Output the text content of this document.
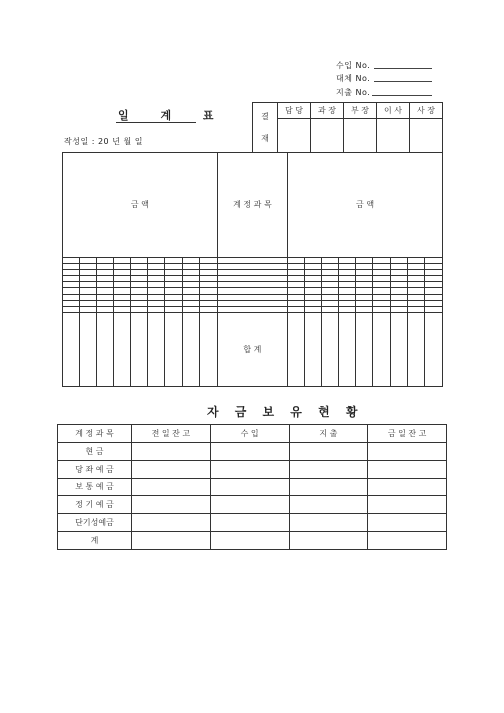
수입 No.
대체 No.
지출 No.
일 계 표
작성일 : 20 년 월 일
결
재	담 당	과 장	부 장	이 사	사 장

금 액									계 정 과 목	금 액								

									합 계									
자 금 보 유 현 황
계 정 과 목	전 일 잔 고	수 입	지 출	금 일 잔 고
현 금				
당 좌 예 금				
보 통 예 금				
정 기 예 금				
단기성예금				
계				
